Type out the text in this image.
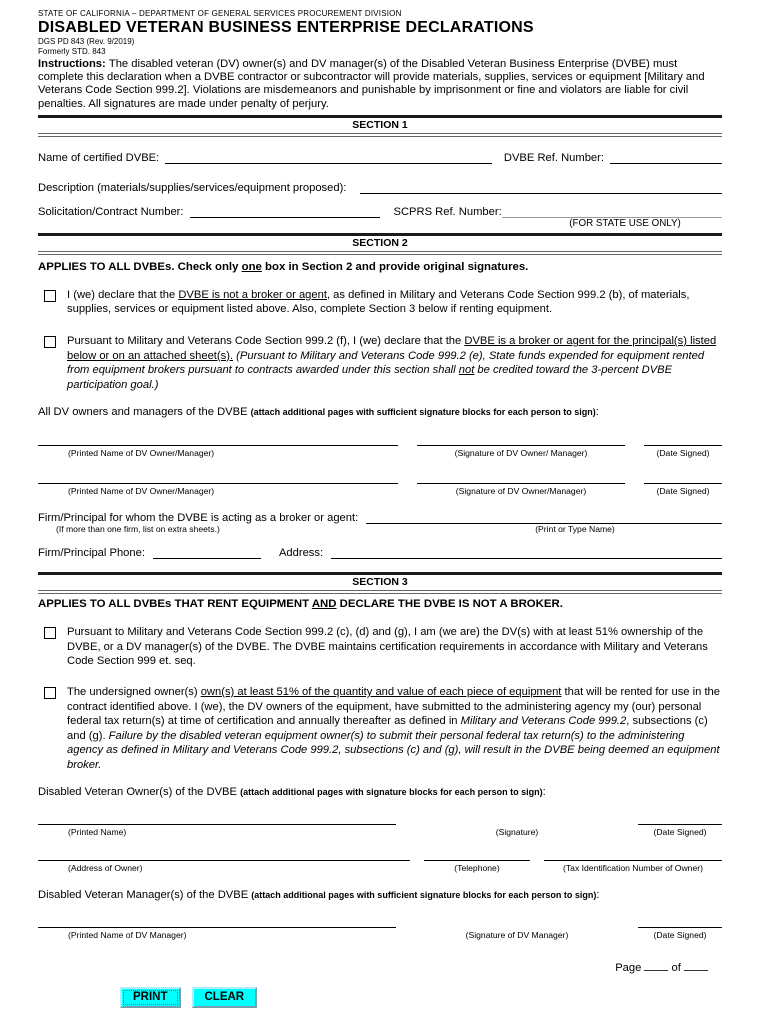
STATE OF CALIFORNIA – DEPARTMENT OF GENERAL SERVICES PROCUREMENT DIVISION
DISABLED VETERAN BUSINESS ENTERPRISE DECLARATIONS
DGS PD 843 (Rev. 9/2019)
Formerly STD. 843
Instructions: The disabled veteran (DV) owner(s) and DV manager(s) of the Disabled Veteran Business Enterprise (DVBE) must complete this declaration when a DVBE contractor or subcontractor will provide materials, supplies, services or equipment [Military and Veterans Code Section 999.2]. Violations are misdemeanors and punishable by imprisonment or fine and violators are liable for civil penalties. All signatures are made under penalty of perjury.
SECTION 1
Name of certified DVBE:	DVBE Ref. Number:
Description (materials/supplies/services/equipment proposed):
Solicitation/Contract Number:	SCPRS Ref. Number:
(FOR STATE USE ONLY)
SECTION 2
APPLIES TO ALL DVBEs. Check only one box in Section 2 and provide original signatures.
I (we) declare that the DVBE is not a broker or agent, as defined in Military and Veterans Code Section 999.2 (b), of materials, supplies, services or equipment listed above. Also, complete Section 3 below if renting equipment.
Pursuant to Military and Veterans Code Section 999.2 (f), I (we) declare that the DVBE is a broker or agent for the principal(s) listed below or on an attached sheet(s). (Pursuant to Military and Veterans Code 999.2 (e), State funds expended for equipment rented from equipment brokers pursuant to contracts awarded under this section shall not be credited toward the 3-percent DVBE participation goal.)
All DV owners and managers of the DVBE (attach additional pages with sufficient signature blocks for each person to sign):
(Printed Name of DV Owner/Manager)	(Signature of DV Owner/ Manager)	(Date Signed)
(Printed Name of DV Owner/Manager)	(Signature of DV Owner/Manager)	(Date Signed)
Firm/Principal for whom the DVBE is acting as a broker or agent:
(If more than one firm, list on extra sheets.)	(Print or Type Name)
Firm/Principal Phone:	Address:
SECTION 3
APPLIES TO ALL DVBEs THAT RENT EQUIPMENT AND DECLARE THE DVBE IS NOT A BROKER.
Pursuant to Military and Veterans Code Section 999.2 (c), (d) and (g), I am (we are) the DV(s) with at least 51% ownership of the DVBE, or a DV manager(s) of the DVBE. The DVBE maintains certification requirements in accordance with Military and Veterans Code Section 999 et. seq.
The undersigned owner(s) own(s) at least 51% of the quantity and value of each piece of equipment that will be rented for use in the contract identified above. I (we), the DV owners of the equipment, have submitted to the administering agency my (our) personal federal tax return(s) at time of certification and annually thereafter as defined in Military and Veterans Code 999.2, subsections (c) and (g). Failure by the disabled veteran equipment owner(s) to submit their personal federal tax return(s) to the administering agency as defined in Military and Veterans Code 999.2, subsections (c) and (g), will result in the DVBE being deemed an equipment broker.
Disabled Veteran Owner(s) of the DVBE (attach additional pages with signature blocks for each person to sign):
(Printed Name)	(Signature)	(Date Signed)
(Address of Owner)	(Telephone)	(Tax Identification Number of Owner)
Disabled Veteran Manager(s) of the DVBE (attach additional pages with sufficient signature blocks for each person to sign):
(Printed Name of DV Manager)	(Signature of DV Manager)	(Date Signed)
Page	of
PRINT	CLEAR
